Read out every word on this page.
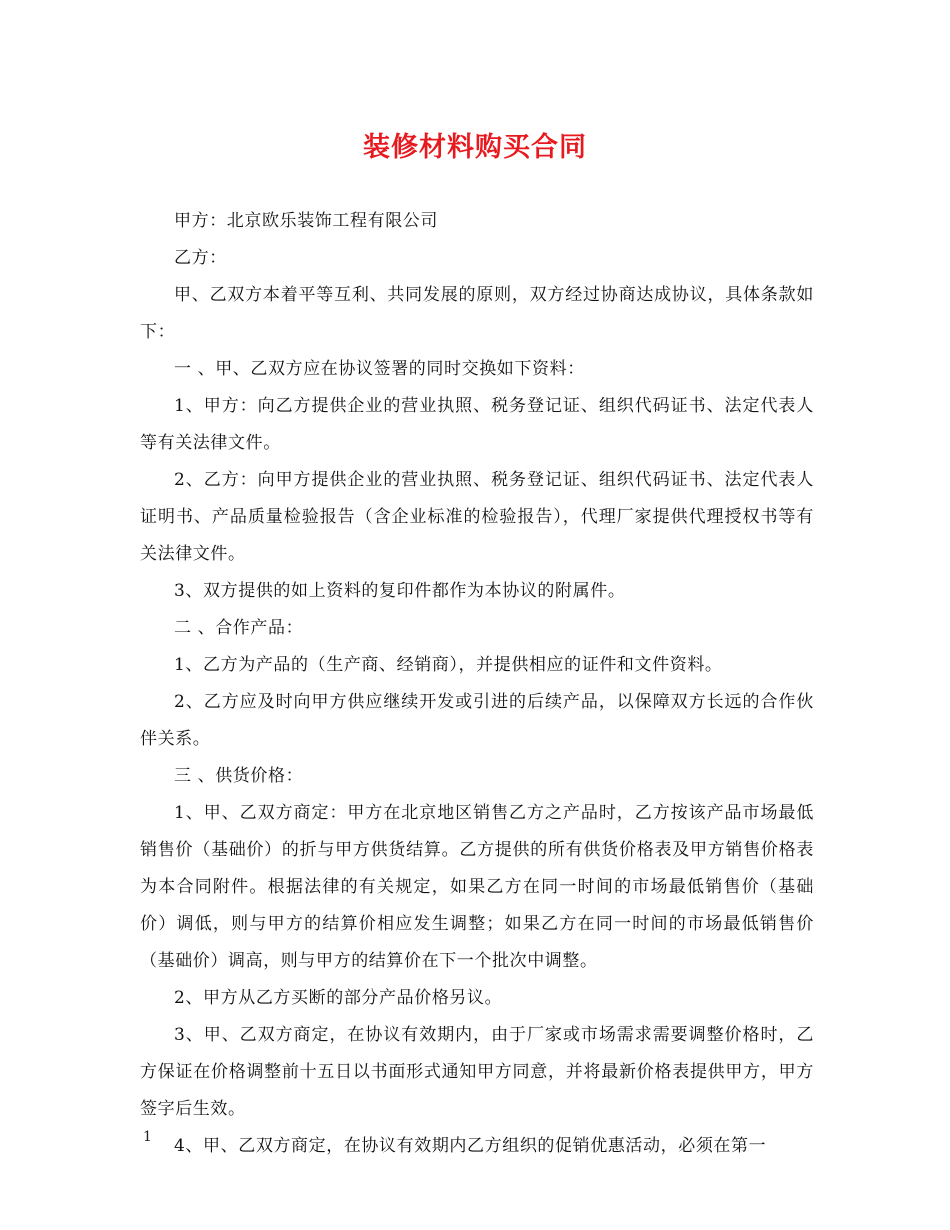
装修材料购买合同

甲方：北京欧乐装饰工程有限公司

乙方：

甲、乙双方本着平等互利、共同发展的原则，双方经过协商达成协议，具体条款如下：

一 、甲、乙双方应在协议签署的同时交换如下资料：

1、甲方：向乙方提供企业的营业执照、税务登记证、组织代码证书、法定代表人等有关法律文件。

2、乙方：向甲方提供企业的营业执照、税务登记证、组织代码证书、法定代表人证明书、产品质量检验报告（含企业标准的检验报告），代理厂家提供代理授权书等有关法律文件。

3、双方提供的如上资料的复印件都作为本协议的附属件。

二 、合作产品：

1、乙方为产品的（生产商、经销商），并提供相应的证件和文件资料。

2、乙方应及时向甲方供应继续开发或引进的后续产品，以保障双方长远的合作伙伴关系。

三 、供货价格：

1、甲、乙双方商定：甲方在北京地区销售乙方之产品时，乙方按该产品市场最低销售价（基础价）的折与甲方供货结算。乙方提供的所有供货价格表及甲方销售价格表为本合同附件。根据法律的有关规定，如果乙方在同一时间的市场最低销售价（基础价）调低，则与甲方的结算价相应发生调整；如果乙方在同一时间的市场最低销售价（基础价）调高，则与甲方的结算价在下一个批次中调整。

2、甲方从乙方买断的部分产品价格另议。

3、甲、乙双方商定，在协议有效期内，由于厂家或市场需求需要调整价格时，乙方保证在价格调整前十五日以书面形式通知甲方同意，并将最新价格表提供甲方，甲方签字后生效。

4、甲、乙双方商定，在协议有效期内乙方组织的促销优惠活动，必须在第一

1
